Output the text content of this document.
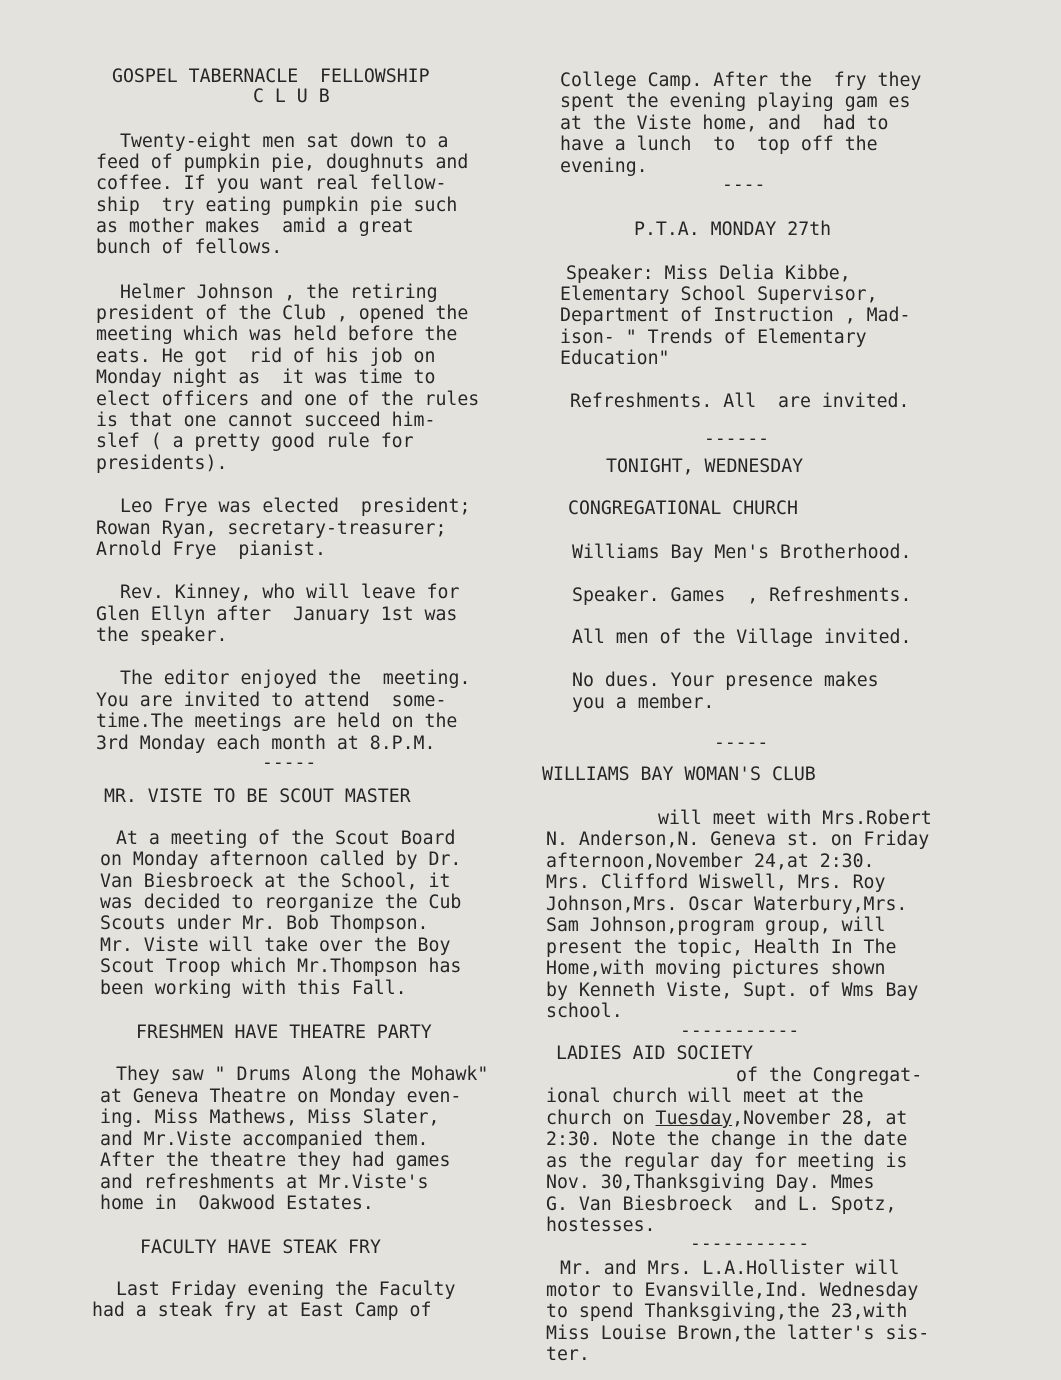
GOSPEL TABERNACLE  FELLOWSHIP
C L U B
Twenty-eight men sat down to a
feed of pumpkin pie, doughnuts and
coffee. If you want real fellow-
ship  try eating pumpkin pie such
as mother makes  amid a great
bunch of fellows.
Helmer Johnson , the retiring
president of the Club , opened the
meeting which was held before the
eats. He got  rid of his job on
Monday night as  it was time to
elect officers and one of the rules
is that one cannot succeed him-
slef ( a pretty good rule for
presidents).
Leo Frye was elected  president;
Rowan Ryan, secretary-treasurer;
Arnold Frye  pianist.
Rev. Kinney, who will leave for
Glen Ellyn after  January 1st was
the speaker.
The editor enjoyed the  meeting.
You are invited to attend  some-
time.The meetings are held on the
3rd Monday each month at 8.P.M.
-----
MR. VISTE TO BE SCOUT MASTER
At a meeting of the Scout Board
on Monday afternoon called by Dr.
Van Biesbroeck at the School, it
was decided to reorganize the Cub
Scouts under Mr. Bob Thompson.
Mr. Viste will take over the Boy
Scout Troop which Mr.Thompson has
been working with this Fall.
FRESHMEN HAVE THEATRE PARTY
They saw " Drums Along the Mohawk"
at Geneva Theatre on Monday even-
ing. Miss Mathews, Miss Slater,
and Mr.Viste accompanied them.
After the theatre they had games
and refreshments at Mr.Viste's
home in  Oakwood Estates.
FACULTY HAVE STEAK FRY
Last Friday evening the Faculty
had a steak fry at East Camp of
College Camp. After the  fry they
spent the evening playing gam es
at the Viste home, and  had to
have a lunch  to  top off the
evening.
----
P.T.A. MONDAY 27th
Speaker: Miss Delia Kibbe,
Elementary School Supervisor,
Department of Instruction , Mad-
ison- " Trends of Elementary
Education"
Refreshments. All  are invited.
------
TONIGHT, WEDNESDAY
CONGREGATIONAL CHURCH
Williams Bay Men's Brotherhood.
Speaker. Games  , Refreshments.
All men of the Village invited.
No dues. Your presence makes
you a member.
-----
WILLIAMS BAY WOMAN'S CLUB
will meet with Mrs.Robert
N. Anderson,N. Geneva st. on Friday
afternoon,November 24,at 2:30.
Mrs. Clifford Wiswell, Mrs. Roy
Johnson,Mrs. Oscar Waterbury,Mrs.
Sam Johnson,program group, will
present the topic, Health In The
Home,with moving pictures shown
by Kenneth Viste, Supt. of Wms Bay
school.
-----------
LADIES AID SOCIETY
of the Congregat-
ional church will meet at the
church on Tuesday,November 28, at
2:30. Note the change in the date
as the regular day for meeting is
Nov. 30,Thanksgiving Day. Mmes
G. Van Biesbroeck  and L. Spotz,
hostesses.
-----------
Mr. and Mrs. L.A.Hollister will
motor to Evansville,Ind. Wednesday
to spend Thanksgiving,the 23,with
Miss Louise Brown,the latter's sis-
ter.
